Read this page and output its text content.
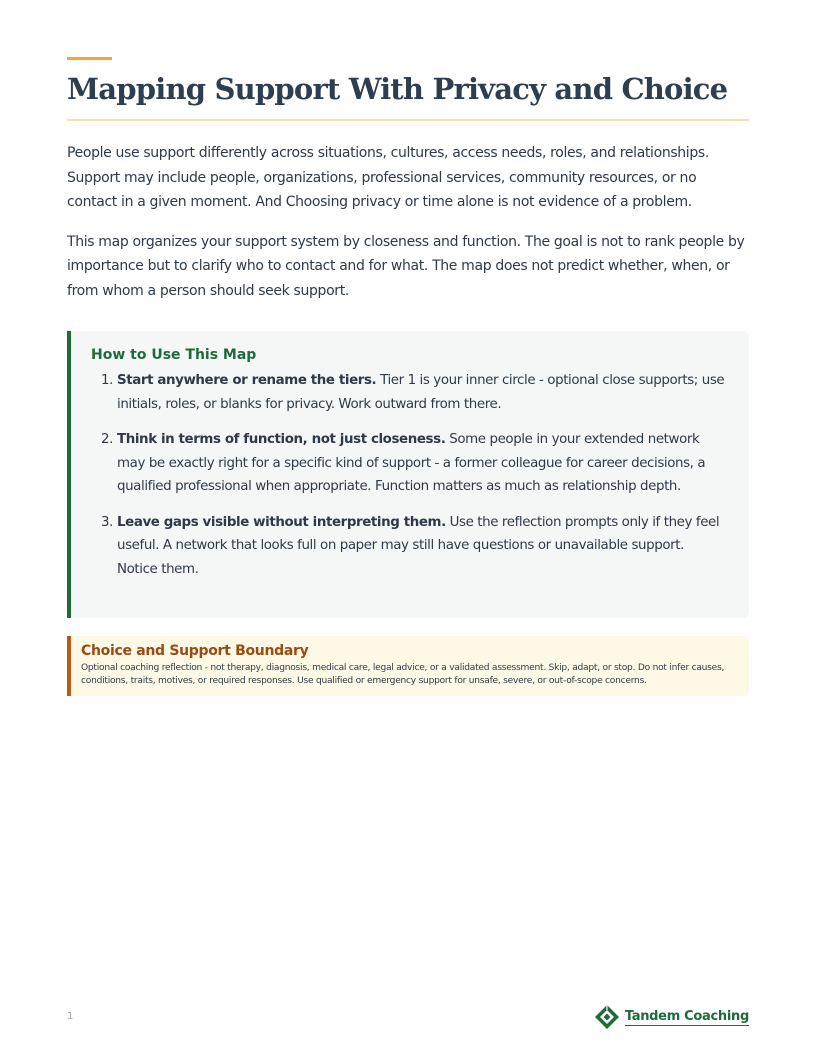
Mapping Support With Privacy and Choice

People use support differently across situations, cultures, access needs, roles, and relationships. Support may include people, organizations, professional services, community resources, or no contact in a given moment. And Choosing privacy or time alone is not evidence of a problem.

This map organizes your support system by closeness and function. The goal is not to rank people by importance but to clarify who to contact and for what. The map does not predict whether, when, or from whom a person should seek support.

How to Use This Map
1. Start anywhere or rename the tiers. Tier 1 is your inner circle - optional close supports; use initials, roles, or blanks for privacy. Work outward from there.
2. Think in terms of function, not just closeness. Some people in your extended network may be exactly right for a specific kind of support - a former colleague for career decisions, a qualified professional when appropriate. Function matters as much as relationship depth.
3. Leave gaps visible without interpreting them. Use the reflection prompts only if they feel useful. A network that looks full on paper may still have questions or unavailable support. Notice them.
Choice and Support Boundary

Optional coaching reflection - not therapy, diagnosis, medical care, legal advice, or a validated assessment. Skip, adapt, or stop. Do not infer causes, conditions, traits, motives, or required responses. Use qualified or emergency support for unsafe, severe, or out-of-scope concerns.

1	Tandem Coaching
